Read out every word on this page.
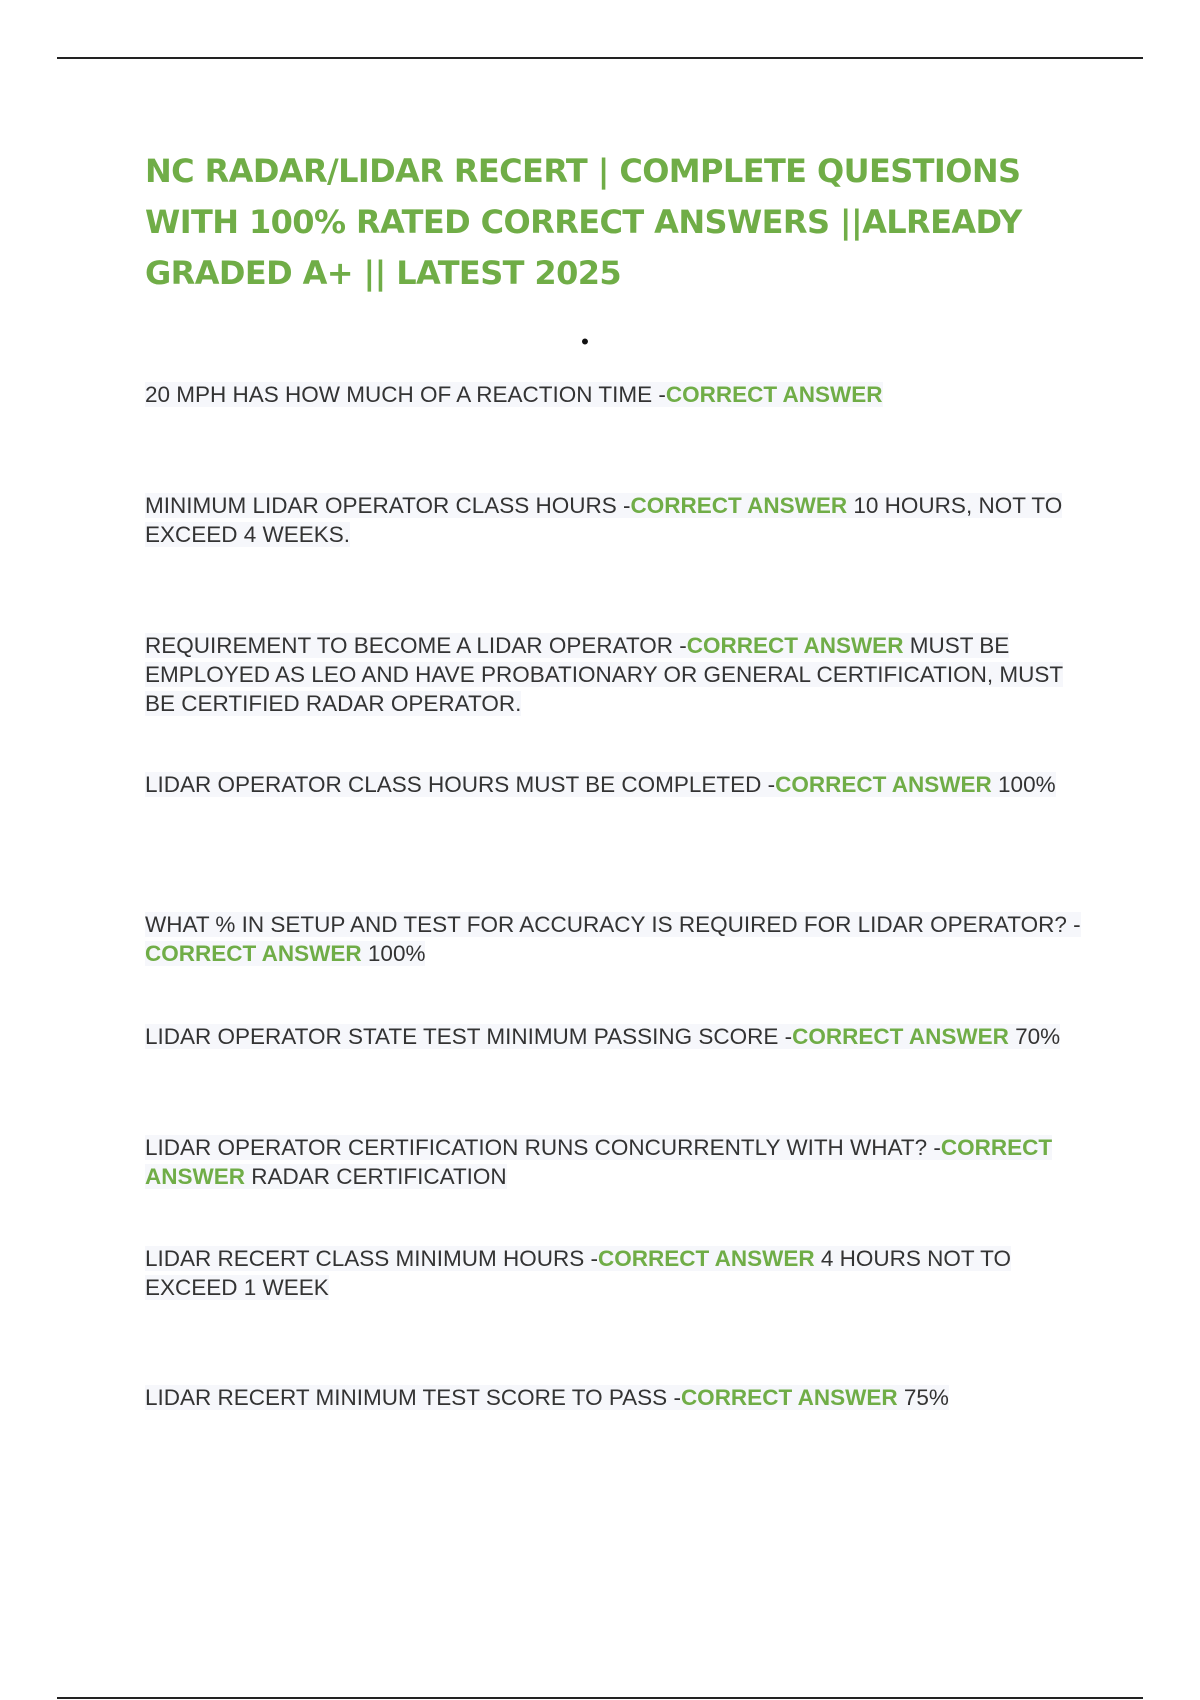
NC RADAR/LIDAR RECERT | COMPLETE QUESTIONS WITH 100% RATED CORRECT ANSWERS ||ALREADY GRADED A+ || LATEST 2025
•

20 MPH HAS HOW MUCH OF A REACTION TIME -CORRECT ANSWER

MINIMUM LIDAR OPERATOR CLASS HOURS -CORRECT ANSWER 10 HOURS, NOT TO EXCEED 4 WEEKS.

REQUIREMENT TO BECOME A LIDAR OPERATOR -CORRECT ANSWER MUST BE EMPLOYED AS LEO AND HAVE PROBATIONARY OR GENERAL CERTIFICATION, MUST BE CERTIFIED RADAR OPERATOR.

LIDAR OPERATOR CLASS HOURS MUST BE COMPLETED -CORRECT ANSWER 100%

WHAT % IN SETUP AND TEST FOR ACCURACY IS REQUIRED FOR LIDAR OPERATOR? -CORRECT ANSWER 100%

LIDAR OPERATOR STATE TEST MINIMUM PASSING SCORE -CORRECT ANSWER 70%

LIDAR OPERATOR CERTIFICATION RUNS CONCURRENTLY WITH WHAT? -CORRECT ANSWER RADAR CERTIFICATION

LIDAR RECERT CLASS MINIMUM HOURS -CORRECT ANSWER 4 HOURS NOT TO EXCEED 1 WEEK

LIDAR RECERT MINIMUM TEST SCORE TO PASS -CORRECT ANSWER 75%
